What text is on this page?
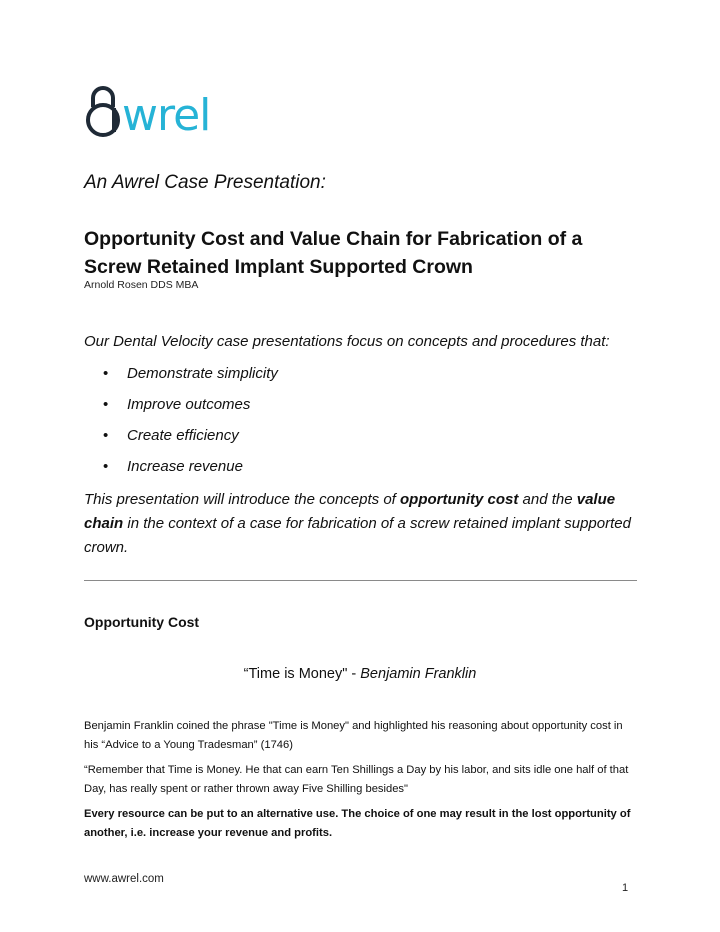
wrel
An Awrel Case Presentation:
Opportunity Cost and Value Chain for Fabrication of a Screw Retained Implant Supported Crown
Arnold Rosen DDS MBA
Our Dental Velocity case presentations focus on concepts and procedures that:
• Demonstrate simplicity
• Improve outcomes
• Create efficiency
• Increase revenue
This presentation will introduce the concepts of opportunity cost and the value chain in the context of a case for fabrication of a screw retained implant supported crown.
Opportunity Cost
“Time is Money" - Benjamin Franklin
Benjamin Franklin coined the phrase "Time is Money" and highlighted his reasoning about opportunity cost in his “Advice to a Young Tradesman” (1746)
“Remember that Time is Money. He that can earn Ten Shillings a Day by his labor, and sits idle one half of that Day, has really spent or rather thrown away Five Shilling besides"
Every resource can be put to an alternative use. The choice of one may result in the lost opportunity of another, i.e. increase your revenue and profits.
www.awrel.com
1
